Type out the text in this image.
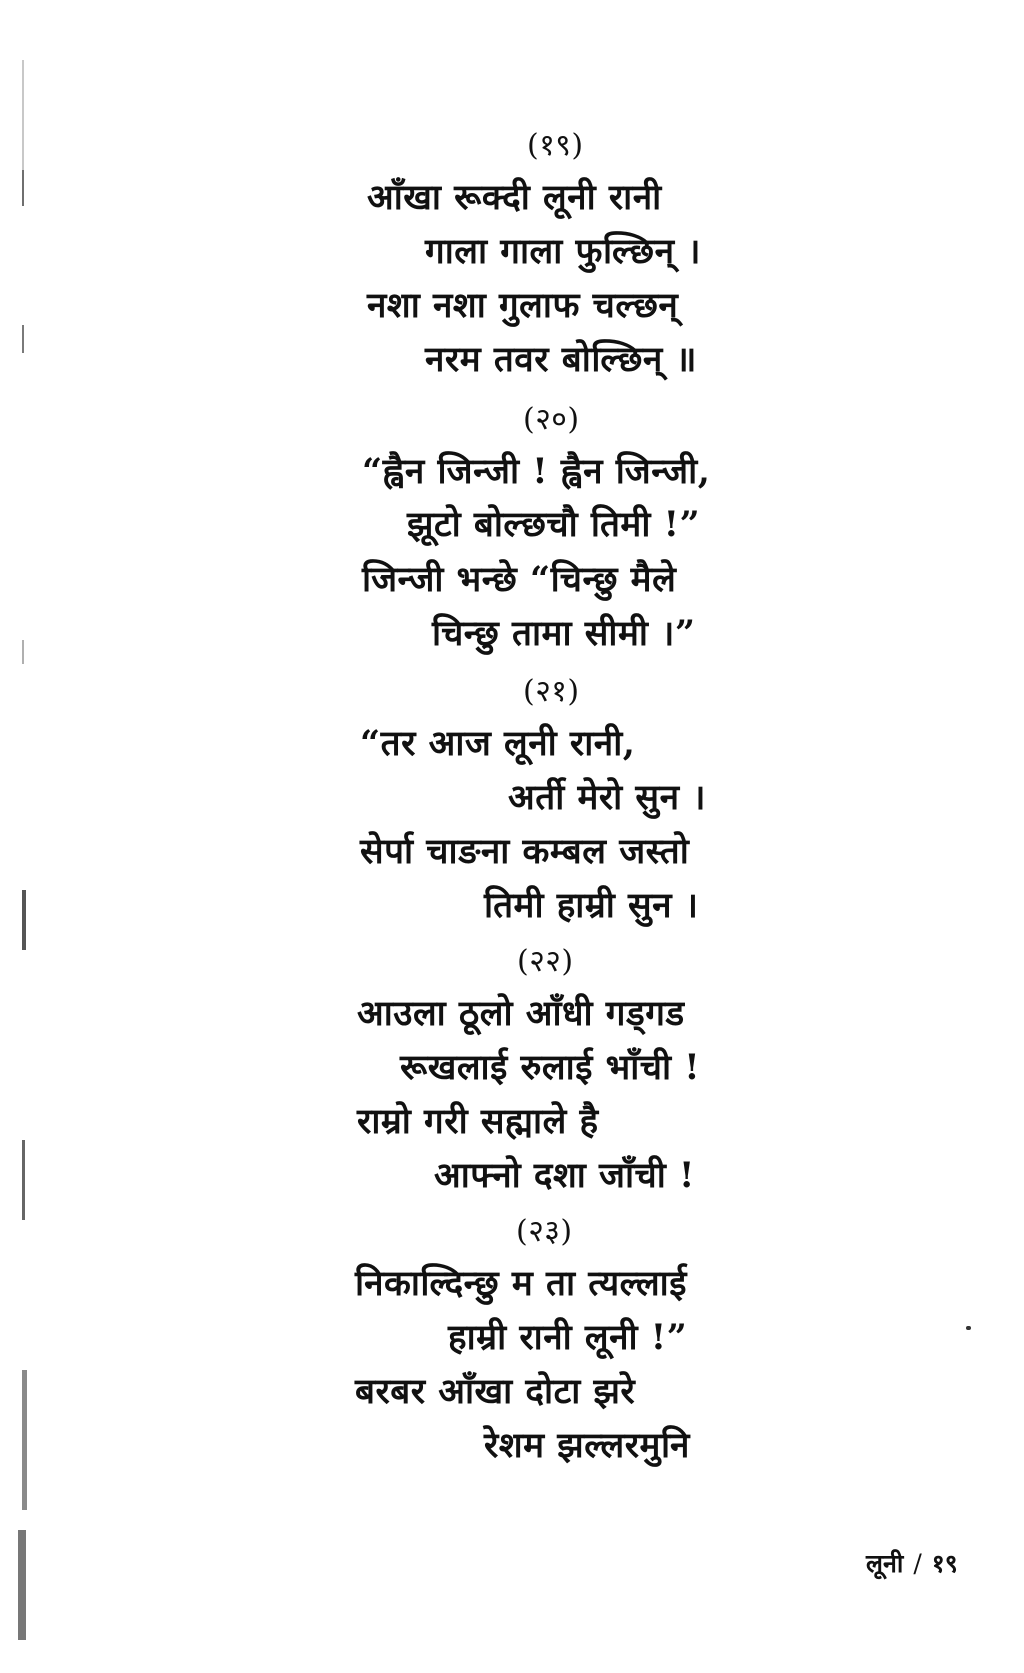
(१९)
आँखा रूक्दी लूनी रानी
गाला गाला फुल्छिन् ।
नशा नशा गुलाफ चल्छन्
नरम तवर बोल्छिन् ॥
(२०)
“ह्वैन जिन्जी ! ह्वैन जिन्जी,
झूटो बोल्छचौ तिमी !”
जिन्जी भन्छे “चिन्छु मैले
चिन्छु तामा सीमी ।”
(२१)
“तर आज लूनी रानी,
अर्ती मेरो सुन ।
सेर्पा चाङना कम्बल जस्तो
तिमी हाम्री सुन ।
(२२)
आउला ठूलो आँधी गड्गड
रूखलाई रुलाई भाँची !
राम्रो गरी सह्माले है
आफ्नो दशा जाँची !
(२३)
निकाल्दिन्छु म ता त्यल्लाई
हाम्री रानी लूनी !”
बरबर आँखा दोटा झरे
रेशम झल्लरमुनि
लूनी / १९
